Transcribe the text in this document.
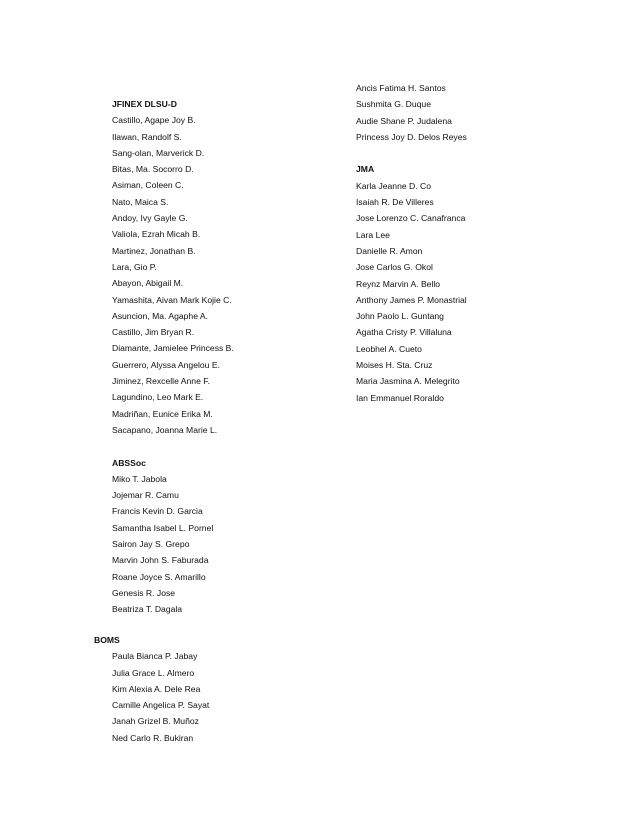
JFINEX DLSU-D
Castillo, Agape Joy B.
Ilawan, Randolf S.
Sang-olan, Marverick D.
Bitas, Ma. Socorro D.
Asiman, Coleen C.
Nato, Maica S.
Andoy, Ivy Gayle G.
Valiola, Ezrah Micah B.
Martinez, Jonathan B.
Lara, Gio P.
Abayon, Abigail M.
Yamashita, Aivan Mark Kojie C.
Asuncion, Ma. Agaphe A.
Castillo, Jim Bryan R.
Diamante, Jamielee Princess B.
Guerrero, Alyssa Angelou E.
Jiminez, Rexcelle Anne F.
Lagundino, Leo Mark E.
Madriñan, Eunice Erika M.
Sacapano, Joanna Marie L.
ABSSoc
Miko T. Jabola
Jojemar R. Camu
Francis Kevin D. Garcia
Samantha Isabel L. Pornel
Sairon Jay S. Grepo
Marvin John S. Faburada
Roane Joyce S. Amarillo
Genesis R. Jose
Beatriza T. Dagala
BOMS
Paula Bianca P. Jabay
Julia Grace L. Almero
Kim Alexia A. Dele Rea
Camille Angelica P. Sayat
Janah Grizel B. Muñoz
Ned Carlo R. Bukiran
Ancis Fatima H. Santos
Sushmita G. Duque
Audie Shane P. Judalena
Princess Joy D. Delos Reyes
JMA
Karla Jeanne D. Co
Isaiah R. De Villeres
Jose Lorenzo C. Canafranca
Lara Lee
Danielle R. Amon
Jose Carlos G. Okol
Reynz Marvin A. Bello
Anthony James P. Monastrial
John Paolo L. Guntang
Agatha Cristy P. Villaluna
Leobhel A. Cueto
Moises H. Sta. Cruz
Maria Jasmina A. Melegrito
Ian Emmanuel Roraldo
